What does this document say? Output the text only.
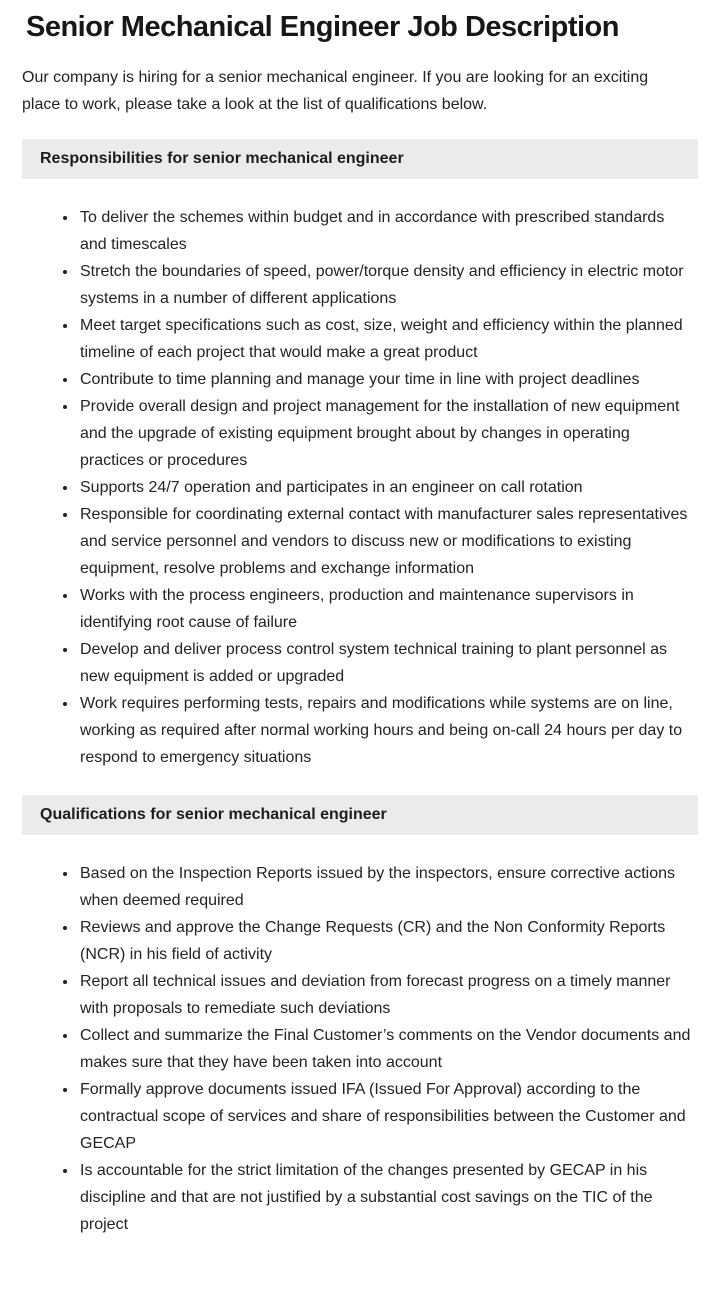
Senior Mechanical Engineer Job Description

Our company is hiring for a senior mechanical engineer. If you are looking for an exciting place to work, please take a look at the list of qualifications below.

Responsibilities for senior mechanical engineer
• To deliver the schemes within budget and in accordance with prescribed standards and timescales
• Stretch the boundaries of speed, power/torque density and efficiency in electric motor systems in a number of different applications
• Meet target specifications such as cost, size, weight and efficiency within the planned timeline of each project that would make a great product
• Contribute to time planning and manage your time in line with project deadlines
• Provide overall design and project management for the installation of new equipment and the upgrade of existing equipment brought about by changes in operating practices or procedures
• Supports 24/7 operation and participates in an engineer on call rotation
• Responsible for coordinating external contact with manufacturer sales representatives and service personnel and vendors to discuss new or modifications to existing equipment, resolve problems and exchange information
• Works with the process engineers, production and maintenance supervisors in identifying root cause of failure
• Develop and deliver process control system technical training to plant personnel as new equipment is added or upgraded
• Work requires performing tests, repairs and modifications while systems are on line, working as required after normal working hours and being on-call 24 hours per day to respond to emergency situations
Qualifications for senior mechanical engineer
• Based on the Inspection Reports issued by the inspectors, ensure corrective actions when deemed required
• Reviews and approve the Change Requests (CR) and the Non Conformity Reports (NCR) in his field of activity
• Report all technical issues and deviation from forecast progress on a timely manner with proposals to remediate such deviations
• Collect and summarize the Final Customer’s comments on the Vendor documents and makes sure that they have been taken into account
• Formally approve documents issued IFA (Issued For Approval) according to the contractual scope of services and share of responsibilities between the Customer and GECAP
• Is accountable for the strict limitation of the changes presented by GECAP in his discipline and that are not justified by a substantial cost savings on the TIC of the project
